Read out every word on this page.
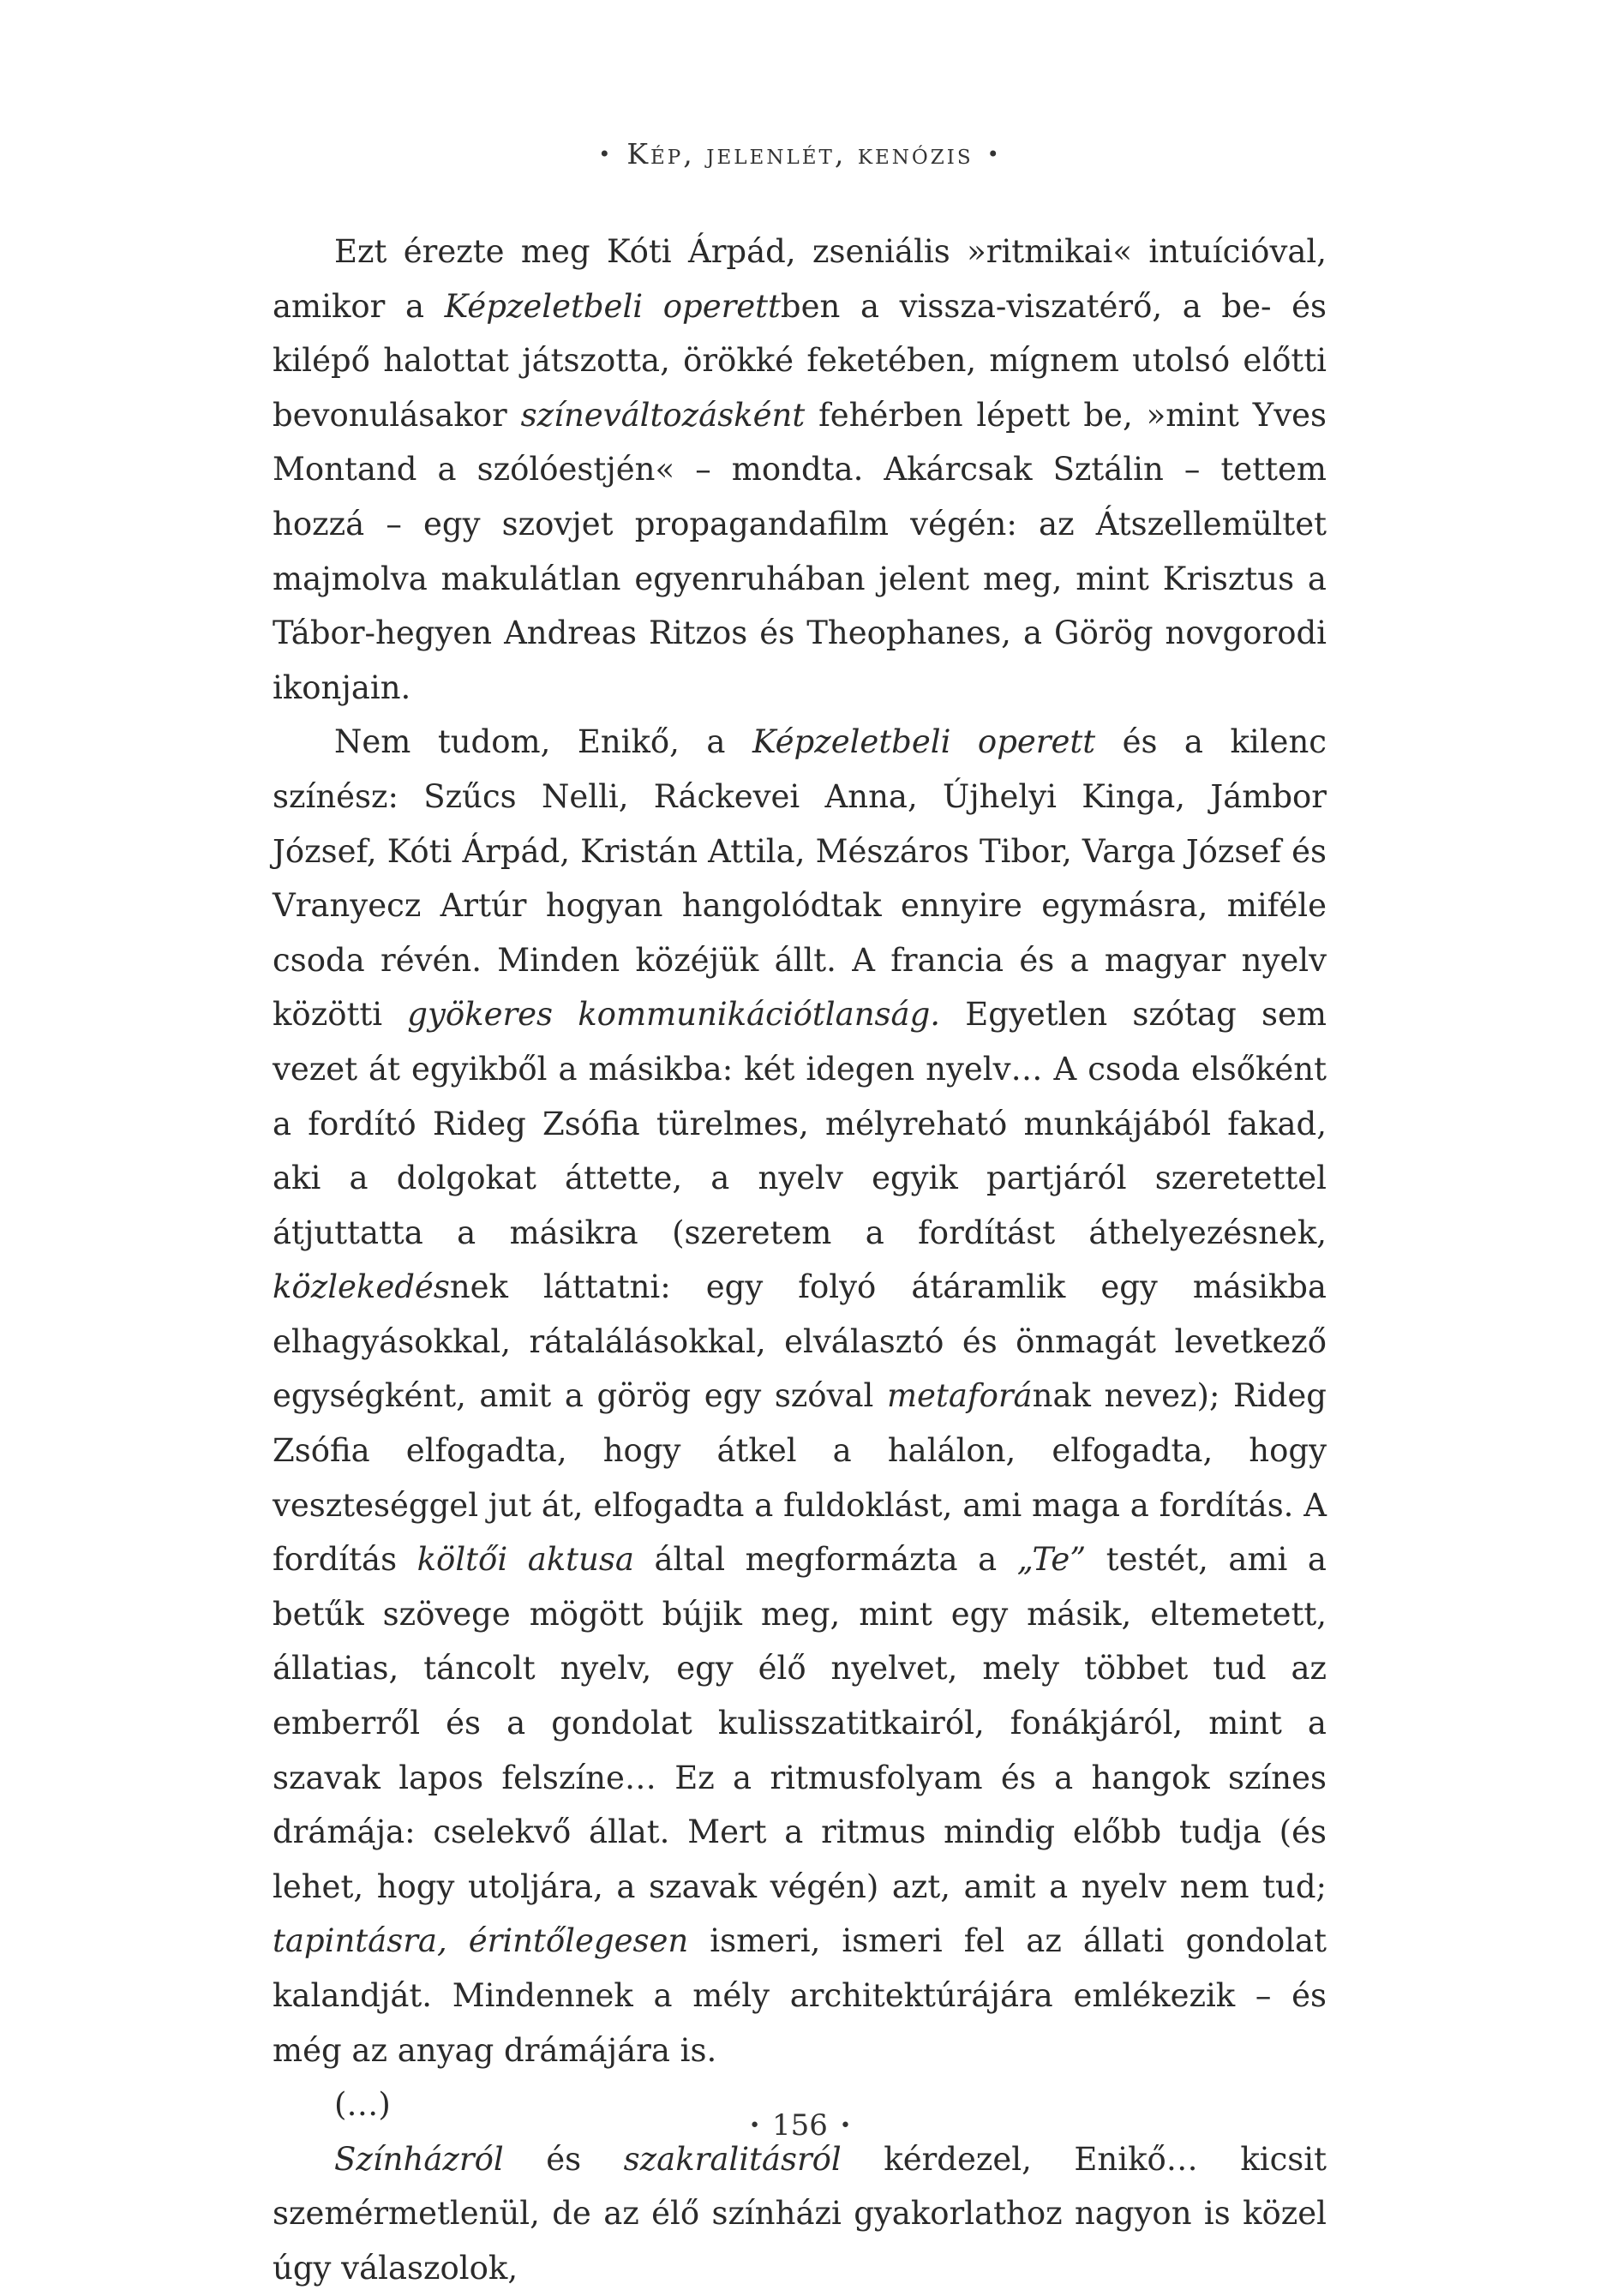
• Kép, jelenlét, kenózis •

Ezt érezte meg Kóti Árpád, zseniális »ritmikai« intuícióval, amikor a Képzeletbeli operettben a vissza-viszatérő, a be- és kilépő halottat játszotta, örökké feketében, mígnem utolsó előtti bevonulásakor színeváltozásként fehérben lépett be, »mint Yves Montand a szólóestjén« – mondta. Akárcsak Sztálin – tettem hozzá – egy szovjet propagandafilm végén: az Átszellemültet majmolva makulátlan egyenruhában jelent meg, mint Krisztus a Tábor-hegyen Andreas Ritzos és Theophanes, a Görög novgorodi ikonjain.

Nem tudom, Enikő, a Képzeletbeli operett és a kilenc színész: Szűcs Nelli, Ráckevei Anna, Újhelyi Kinga, Jámbor József, Kóti Árpád, Kristán Attila, Mészáros Tibor, Varga József és Vranyecz Artúr hogyan hangolódtak ennyire egymásra, miféle csoda révén. Minden közéjük állt. A francia és a magyar nyelv közötti gyökeres kommunikációtlanság. Egyetlen szótag sem vezet át egyikből a másikba: két idegen nyelv… A csoda elsőként a fordító Rideg Zsófia türelmes, mélyreható munkájából fakad, aki a dolgokat áttette, a nyelv egyik partjáról szeretettel átjuttatta a másikra (szeretem a fordítást áthelyezésnek, közlekedésnek láttatni: egy folyó átáramlik egy másikba elhagyásokkal, rátalálásokkal, elválasztó és önmagát levetkező egységként, amit a görög egy szóval metaforának nevez); Rideg Zsófia elfogadta, hogy átkel a halálon, elfogadta, hogy veszteséggel jut át, elfogadta a fuldoklást, ami maga a fordítás. A fordítás költői aktusa által megformázta a „Te” testét, ami a betűk szövege mögött bújik meg, mint egy másik, eltemetett, állatias, táncolt nyelv, egy élő nyelvet, mely többet tud az emberről és a gondolat kulisszatitkairól, fonákjáról, mint a szavak lapos felszíne… Ez a ritmusfolyam és a hangok színes drámája: cselekvő állat. Mert a ritmus mindig előbb tudja (és lehet, hogy utoljára, a szavak végén) azt, amit a nyelv nem tud; tapintásra, érintőlegesen ismeri, ismeri fel az állati gondolat kalandját. Mindennek a mély architektúrájára emlékezik – és még az anyag drámájára is.

(…)

Színházról és szakralitásról kérdezel, Enikő… kicsit szemérmetlenül, de az élő színházi gyakorlathoz nagyon is közel úgy válaszolok,

• 156 •
